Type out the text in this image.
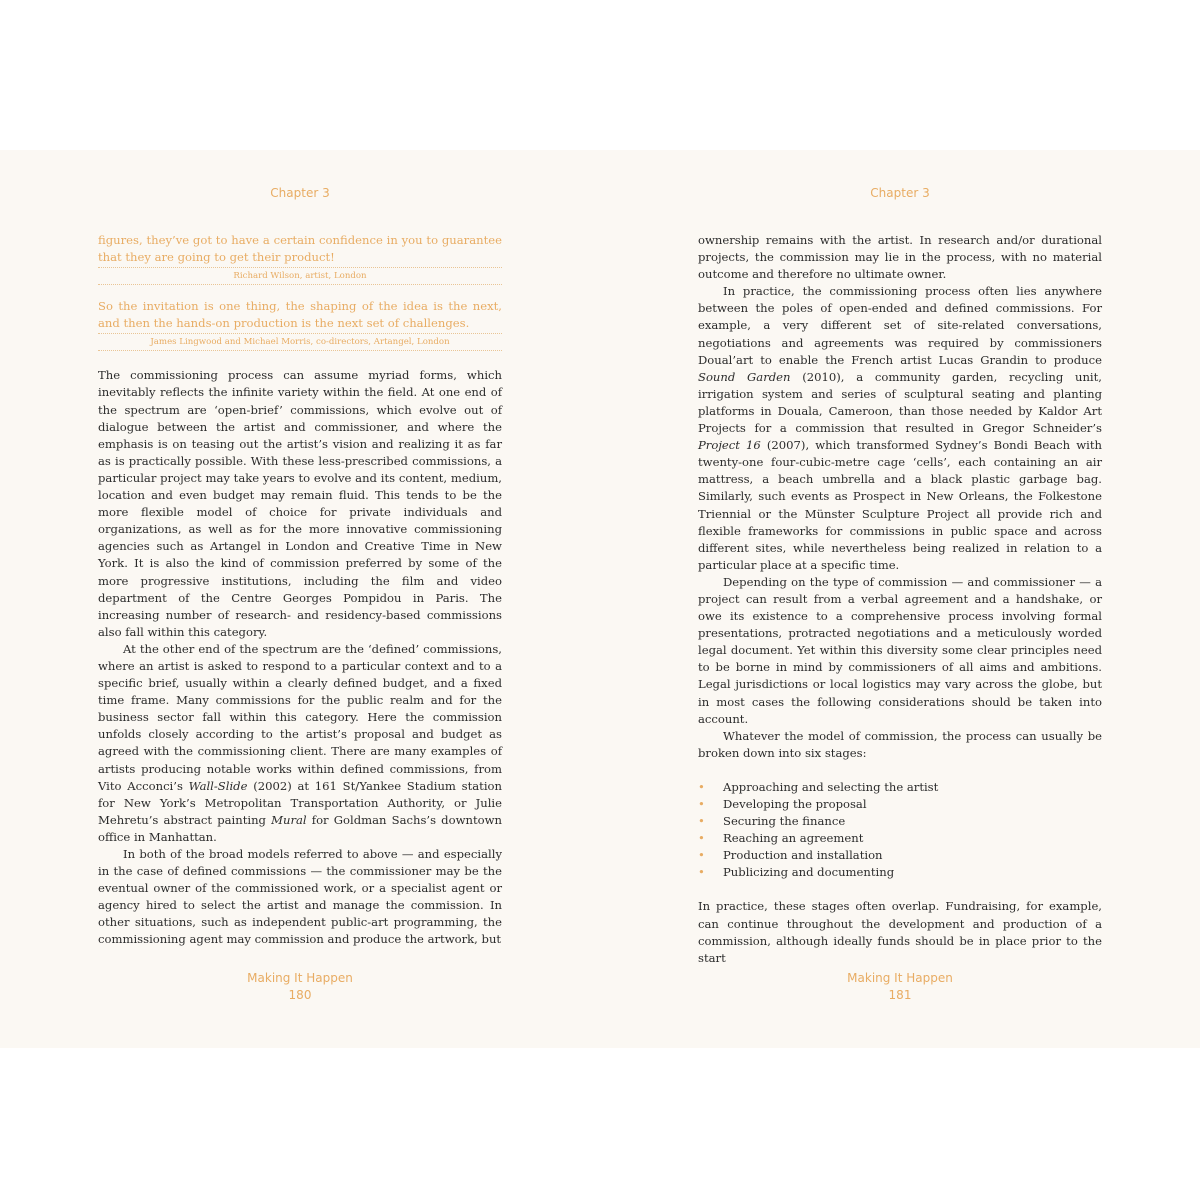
Chapter 3
figures, they’ve got to have a certain confidence in you to guarantee that they are going to get their product!
Richard Wilson, artist, London
So the invitation is one thing, the shaping of the idea is the next, and then the hands-on production is the next set of challenges.
James Lingwood and Michael Morris, co-directors, Artangel, London

The commissioning process can assume myriad forms, which inevitably reflects the infinite variety within the field. At one end of the spectrum are ‘open-brief’ commissions, which evolve out of dialogue between the artist and commissioner, and where the emphasis is on teasing out the artist’s vision and realizing it as far as is practically possible. With these less-prescribed commissions, a particular project may take years to evolve and its content, medium, location and even budget may remain fluid. This tends to be the more flexible model of choice for private individuals and organizations, as well as for the more innovative commissioning agencies such as Artangel in London and Creative Time in New York. It is also the kind of commission preferred by some of the more progressive institutions, including the film and video department of the Centre Georges Pompidou in Paris. The increasing number of research- and residency-based commissions also fall within this category.

At the other end of the spectrum are the ‘defined’ commissions, where an artist is asked to respond to a particular context and to a specific brief, usually within a clearly defined budget, and a fixed time frame. Many commissions for the public realm and for the business sector fall within this category. Here the commission unfolds closely according to the artist’s proposal and budget as agreed with the commissioning client. There are many examples of artists producing notable works within defined commissions, from Vito Acconci’s Wall-Slide (2002) at 161 St/Yankee Stadium station for New York’s Metropolitan Transportation Authority, or Julie Mehretu’s abstract painting Mural for Goldman Sachs’s downtown office in Manhattan.

In both of the broad models referred to above — and especially in the case of defined commissions — the commissioner may be the eventual owner of the commissioned work, or a specialist agent or agency hired to select the artist and manage the commission. In other situations, such as independent public-art programming, the commissioning agent may commission and produce the artwork, but

Making It Happen
180
Chapter 3

ownership remains with the artist. In research and/or durational projects, the commission may lie in the process, with no material outcome and therefore no ultimate owner.

In practice, the commissioning process often lies anywhere between the poles of open-ended and defined commissions. For example, a very different set of site-related conversations, negotiations and agreements was required by commissioners Doual’art to enable the French artist Lucas Grandin to produce Sound Garden (2010), a community garden, recycling unit, irrigation system and series of sculptural seating and planting platforms in Douala, Cameroon, than those needed by Kaldor Art Projects for a commission that resulted in Gregor Schneider’s Project 16 (2007), which transformed Sydney’s Bondi Beach with twenty-one four-cubic-metre cage ‘cells’, each containing an air mattress, a beach umbrella and a black plastic garbage bag. Similarly, such events as Prospect in New Orleans, the Folkestone Triennial or the Münster Sculpture Project all provide rich and flexible frameworks for commissions in public space and across different sites, while nevertheless being realized in relation to a particular place at a specific time.

Depending on the type of commission — and commissioner — a project can result from a verbal agreement and a handshake, or owe its existence to a comprehensive process involving formal presentations, protracted negotiations and a meticulously worded legal document. Yet within this diversity some clear principles need to be borne in mind by commissioners of all aims and ambitions. Legal jurisdictions or local logistics may vary across the globe, but in most cases the following considerations should be taken into account.

Whatever the model of commission, the process can usually be broken down into six stages:

• Approaching and selecting the artist
• Developing the proposal
• Securing the finance
• Reaching an agreement
• Production and installation
• Publicizing and documenting

In practice, these stages often overlap. Fundraising, for example, can continue throughout the development and production of a commission, although ideally funds should be in place prior to the start

Making It Happen
181
